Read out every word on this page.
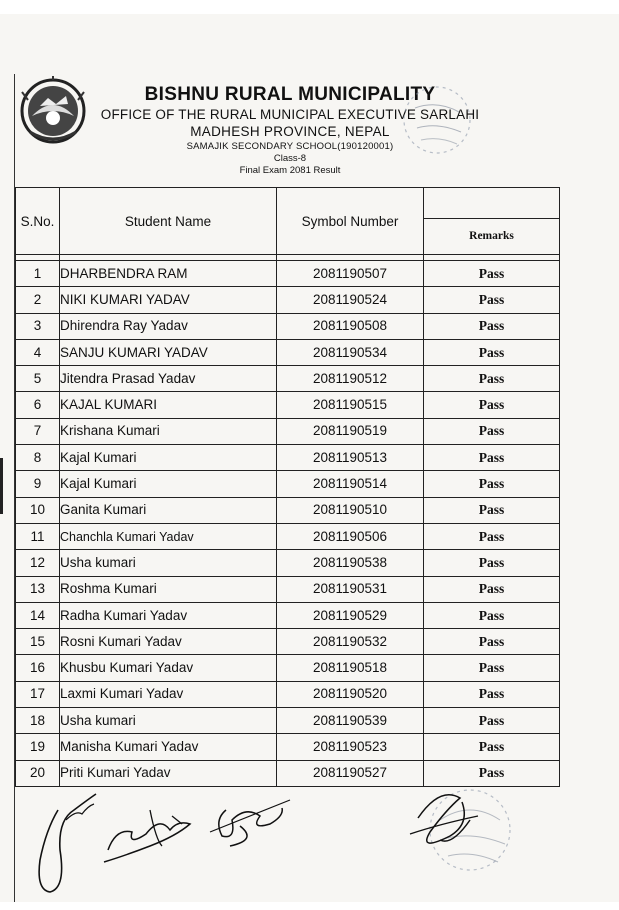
BISHNU RURAL MUNICIPALITY
OFFICE OF THE RURAL MUNICIPAL EXECUTIVE SARLAHI
MADHESH PROVINCE, NEPAL
SAMAJIK SECONDARY SCHOOL(190120001)
Class-8
Final Exam 2081 Result
S.No.	Student Name	Symbol Number	
			Remarks

1	DHARBENDRA RAM	2081190507	Pass
2	NIKI KUMARI YADAV	2081190524	Pass
3	Dhirendra Ray Yadav	2081190508	Pass
4	SANJU KUMARI YADAV	2081190534	Pass
5	Jitendra Prasad Yadav	2081190512	Pass
6	KAJAL KUMARI	2081190515	Pass
7	Krishana Kumari	2081190519	Pass
8	Kajal Kumari	2081190513	Pass
9	Kajal Kumari	2081190514	Pass
10	Ganita Kumari	2081190510	Pass
11	Chanchla Kumari Yadav	2081190506	Pass
12	Usha kumari	2081190538	Pass
13	Roshma Kumari	2081190531	Pass
14	Radha Kumari Yadav	2081190529	Pass
15	Rosni Kumari Yadav	2081190532	Pass
16	Khusbu Kumari Yadav	2081190518	Pass
17	Laxmi Kumari Yadav	2081190520	Pass
18	Usha kumari	2081190539	Pass
19	Manisha Kumari Yadav	2081190523	Pass
20	Priti Kumari Yadav	2081190527	Pass
